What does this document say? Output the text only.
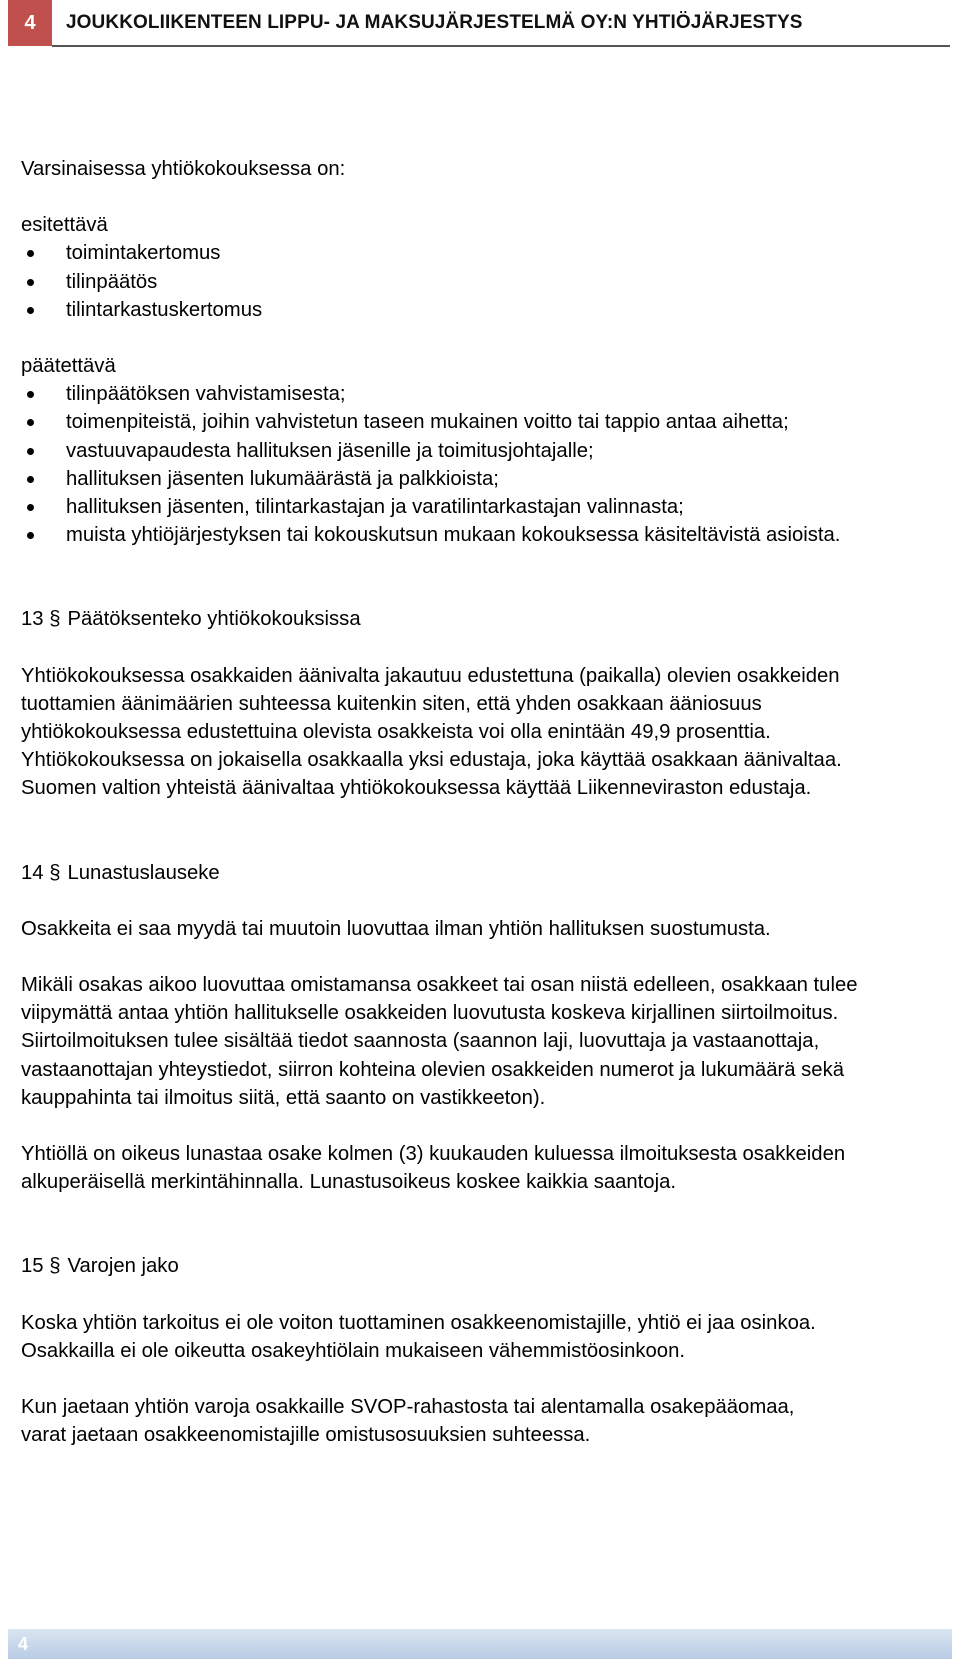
4	JOUKKOLIIKENTEEN LIPPU- JA MAKSUJÄRJESTELMÄ OY:N YHTIÖJÄRJESTYS

Varsinaisessa yhtiökokouksessa on:

esitettävä

toimintakertomus
tilinpäätös
tilintarkastuskertomus

päätettävä

tilinpäätöksen vahvistamisesta;
toimenpiteistä, joihin vahvistetun taseen mukainen voitto tai tappio antaa aihetta;
vastuuvapaudesta hallituksen jäsenille ja toimitusjohtajalle;
hallituksen jäsenten lukumäärästä ja palkkioista;
hallituksen jäsenten, tilintarkastajan ja varatilintarkastajan valinnasta;
muista yhtiöjärjestyksen tai kokouskutsun mukaan kokouksessa käsiteltävistä asioista.

13
§ Päätöksenteko yhtiökokouksissa

Yhtiökokouksessa osakkaiden äänivalta jakautuu edustettuna (paikalla) olevien osakkeiden tuottamien äänimäärien suhteessa kuitenkin siten, että yhden osakkaan ääniosuus yhtiökokouksessa edustettuina olevista osakkeista voi olla enintään 49,9 prosenttia. Yhtiökokouksessa on jokaisella osakkaalla yksi edustaja, joka käyttää osakkaan äänivaltaa. Suomen valtion yhteistä äänivaltaa yhtiökokouksessa käyttää Liikenneviraston edustaja.

14
§ Lunastuslauseke

Osakkeita ei saa myydä tai muutoin luovuttaa ilman yhtiön hallituksen suostumusta.

Mikäli osakas aikoo luovuttaa omistamansa osakkeet tai osan niistä edelleen, osakkaan tulee viipymättä antaa yhtiön hallitukselle osakkeiden luovutusta koskeva kirjallinen siirtoilmoitus. Siirtoilmoituksen tulee sisältää tiedot saannosta (saannon laji, luovuttaja ja vastaanottaja, vastaanottajan yhteystiedot, siirron kohteina olevien osakkeiden numerot ja lukumäärä sekä kauppahinta tai ilmoitus siitä, että saanto on vastikkeeton).

Yhtiöllä on oikeus lunastaa osake kolmen (3) kuukauden kuluessa ilmoituksesta osakkeiden alkuperäisellä merkintähinnalla. Lunastusoikeus koskee kaikkia saantoja.

15
§ Varojen jako

Koska yhtiön tarkoitus ei ole voiton tuottaminen osakkeenomistajille, yhtiö ei jaa osinkoa. Osakkailla ei ole oikeutta osakeyhtiölain mukaiseen vähemmistöosinkoon.

Kun jaetaan yhtiön varoja osakkaille SVOP-rahastosta tai alentamalla osakepääomaa, varat jaetaan osakkeenomistajille omistusosuuksien suhteessa.

4
